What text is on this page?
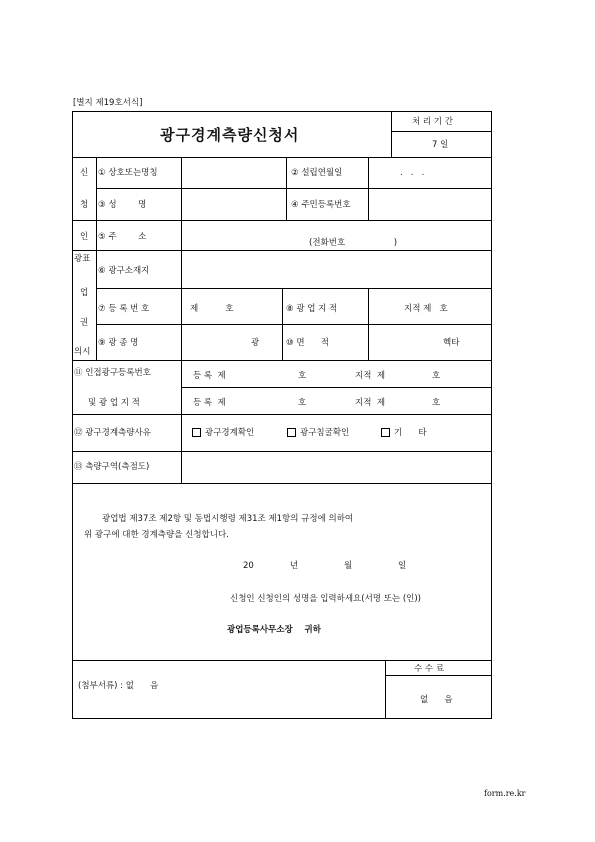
[별지 제19호서식]
광구경계측량신청서
처 리 기 간
7 일
신
청
인
① 상호또는명칭	② 설립연월일	.   .   .
③ 성        명	④ 주민등록번호
⑤ 주        소
(전화번호                  )
광표
업
권
의시
⑥ 광구소재지
⑦ 등 록 번 호	제          호	⑧ 광 업 지 적	지적 제   호
⑨ 광 종 명	광	⑩ 면      적	헥타
⑪ 인접광구등록번호
및 광 업 지 적
등 록  제	호	지적  제	호
등 록  제	호	지적  제	호
⑫ 광구경계측량사유	광구경계확인	광구침굴확인	기      타
⑬ 측량구역(측점도)
광업법 제37조 제2항 및 동법시행령 제31조 제1항의 규정에 의하여
위 광구에 대한 경계측량을 신청합니다.
20	년	월	일
신청인 신청인의 성명을 입력하세요(서명 또는 (인))
광업등록사무소장    귀하
(첨부서류) : 없      음
수 수 료
없      음
form.re.kr
